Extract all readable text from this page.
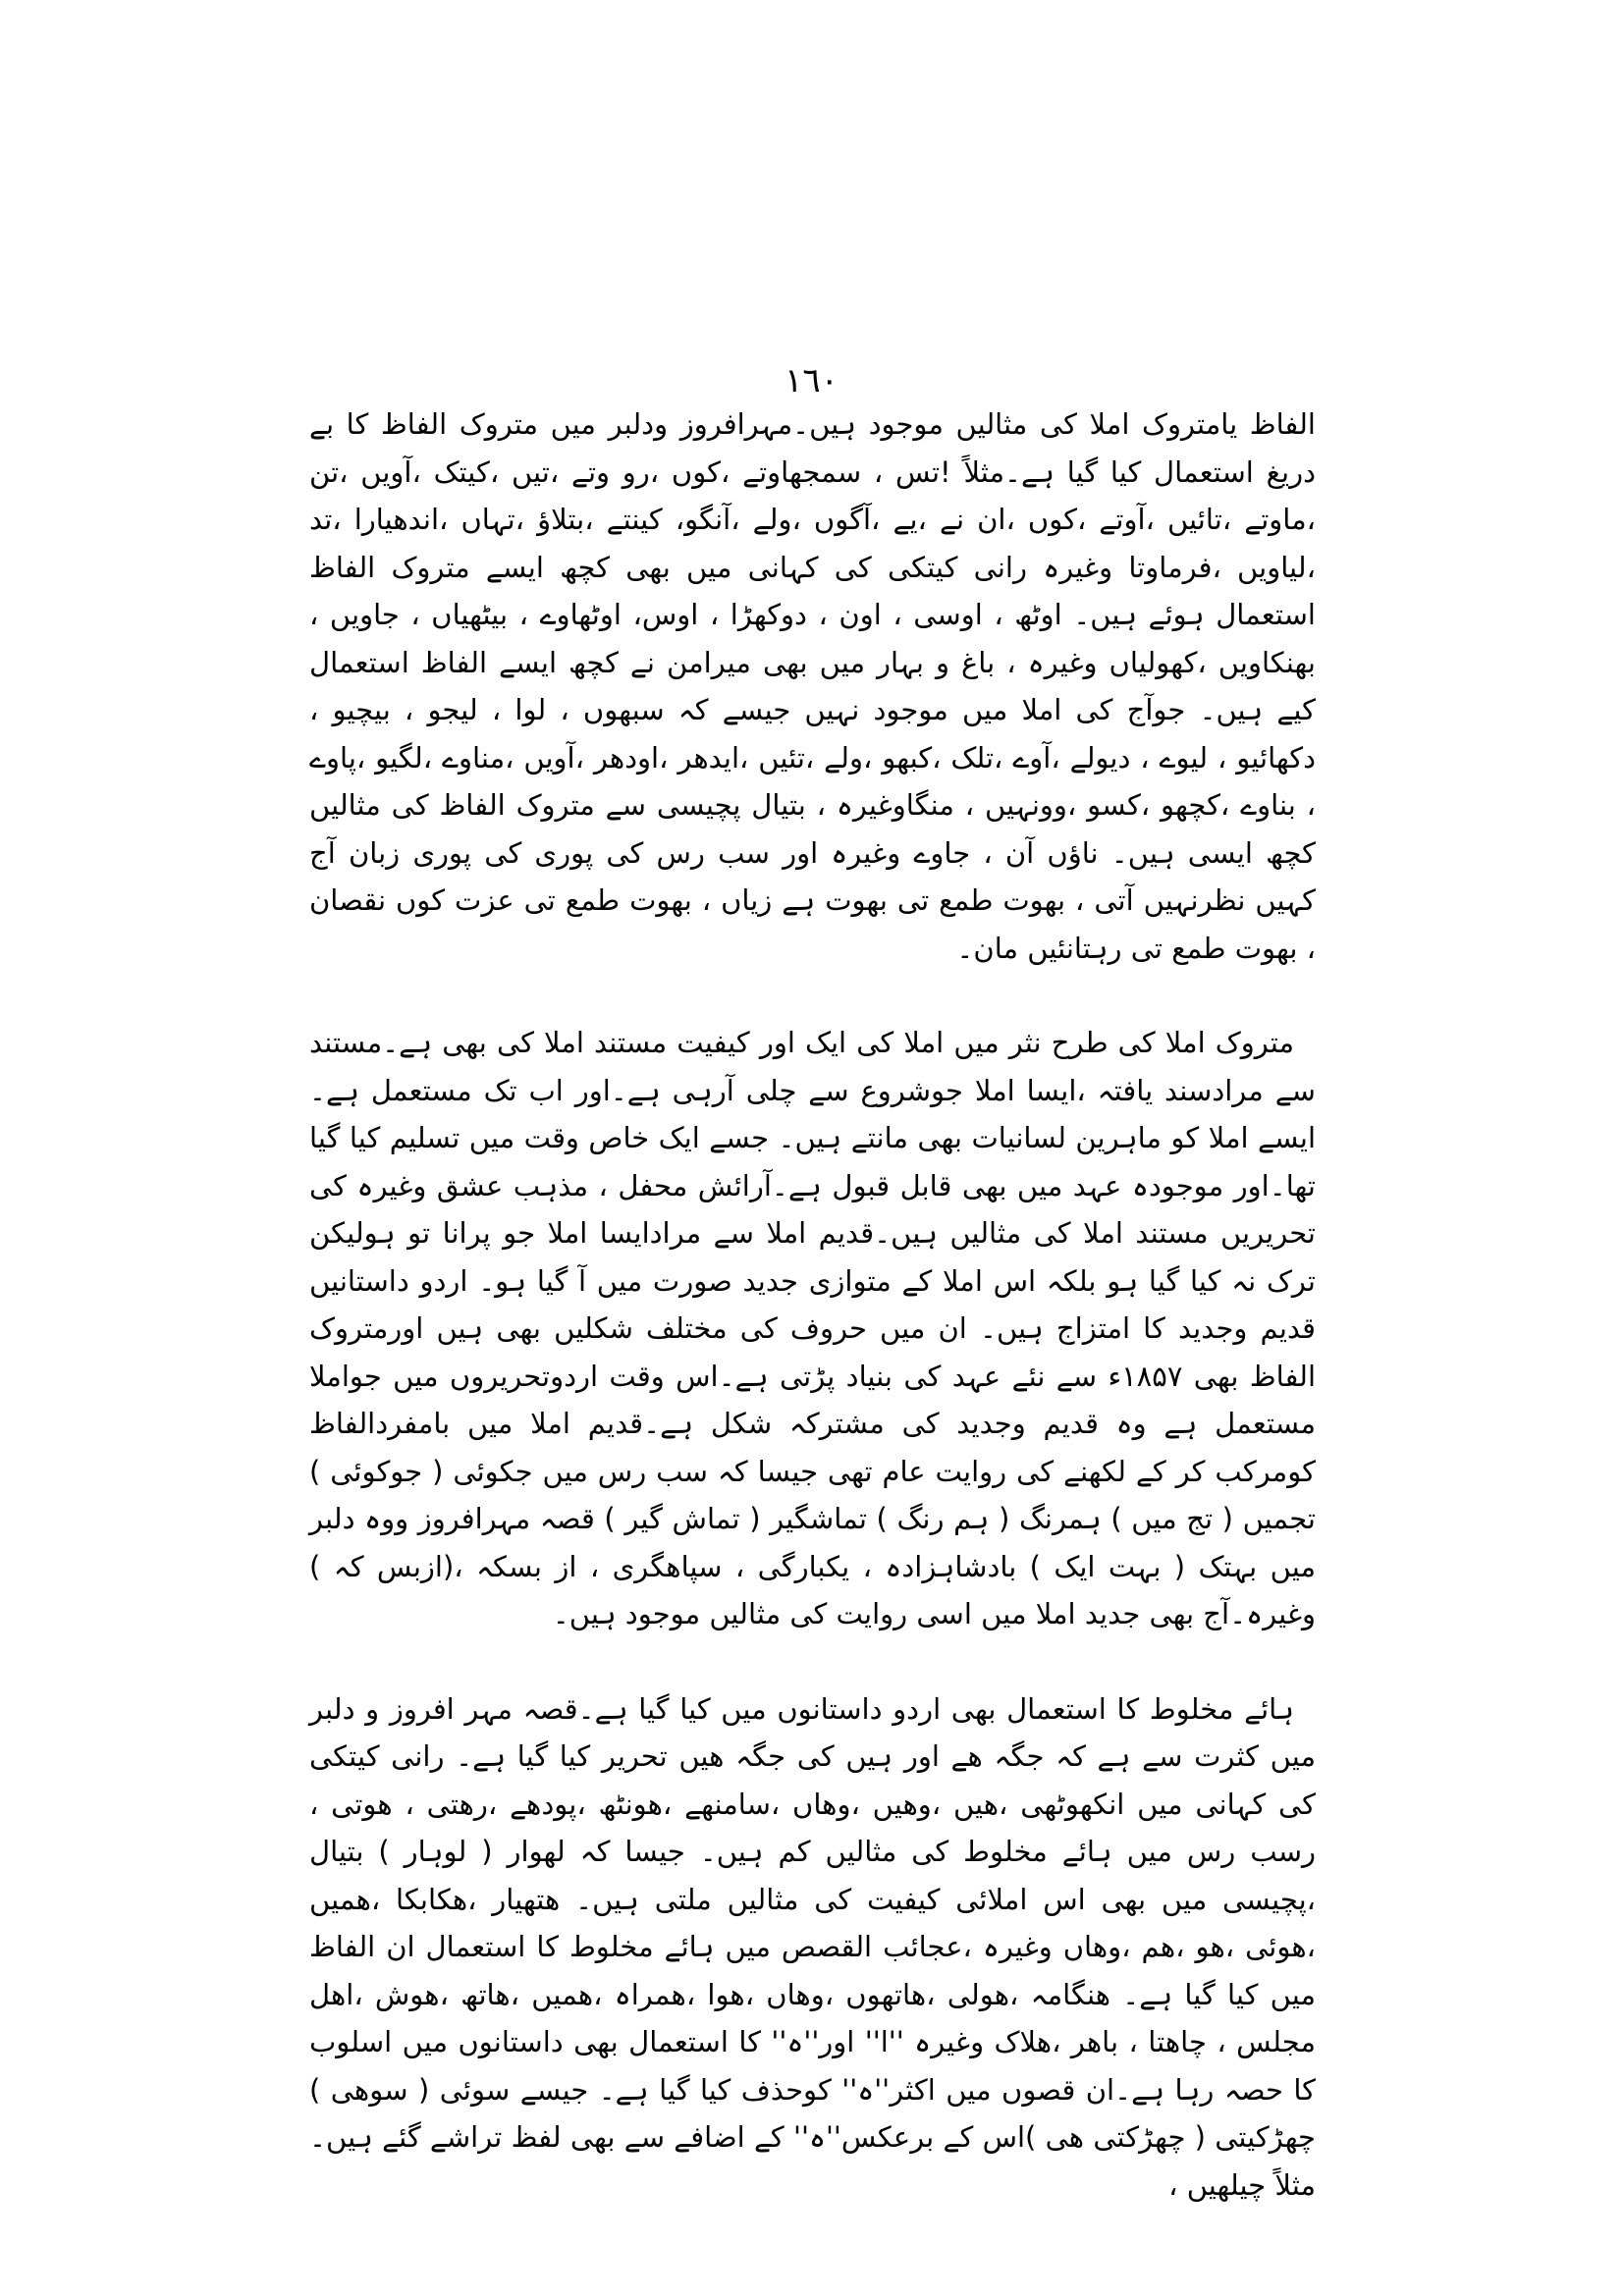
١٦٠

الفاظ یامتروک املا کی مثالیں موجود ہیں۔مہرافروز ودلبر میں متروک الفاظ کا بے دریغ استعمال کیا گیا ہے۔مثلاً !تس ، سمجھاوتے ،کوں ،رو وتے ،تیں ،کیتک ،آویں ،تن ،ماوتے ،تائیں ،آوتے ،کوں ،ان نے ،یے ،آگوں ،ولے ،آنگو، کینتے ،بتلاؤ ،تہاں ،اندھیارا ،تد ،لیاویں ،فرماوتا وغیرہ رانی کیتکی کی کہانی میں بھی کچھ ایسے متروک الفاظ استعمال ہوئے ہیں۔ اوٹھ ، اوسی ، اون ، دوکھڑا ، اوس، اوٹھاوے ، بیٹھیاں ، جاویں ، بھنکاویں ،کھولیاں وغیرہ ، باغ و بہار میں بھی میرامن نے کچھ ایسے الفاظ استعمال کیے ہیں۔ جوآج کی املا میں موجود نہیں جیسے کہ سبھوں ، لوا ، لیجو ، بیچیو ، دکھائیو ، لیوے ، دیولے ،آوے ،تلک ،کبھو ،ولے ،تئیں ،ایدھر ،اودھر ،آویں ،مناوے ،لگیو ،پاوے ، بناوے ،کچھو ،کسو ،وونہیں ، منگاوغیرہ ، بتیال پچیسی سے متروک الفاظ کی مثالیں کچھ ایسی ہیں۔ ناؤں آن ، جاوے وغیرہ اور سب رس کی پوری کی پوری زبان آج کہیں نظرنہیں آتی ، بھوت طمع تی بھوت ہے زیاں ، بھوت طمع تی عزت کوں نقصان ، بھوت طمع تی رہتانئیں مان۔

متروک املا کی طرح نثر میں املا کی ایک اور کیفیت مستند املا کی بھی ہے۔مستند سے مرادسند یافتہ ،ایسا املا جوشروع سے چلی آرہی ہے۔اور اب تک مستعمل ہے۔ایسے املا کو ماہرین لسانیات بھی مانتے ہیں۔ جسے ایک خاص وقت میں تسلیم کیا گیا تھا۔اور موجودہ عہد میں بھی قابل قبول ہے۔آرائش محفل ، مذہب عشق وغیرہ کی تحریریں مستند املا کی مثالیں ہیں۔قدیم املا سے مرادایسا املا جو پرانا تو ہولیکن ترک نہ کیا گیا ہو بلکہ اس املا کے متوازی جدید صورت میں آ گیا ہو۔ اردو داستانیں قدیم وجدید کا امتزاج ہیں۔ ان میں حروف کی مختلف شکلیں بھی ہیں اورمتروک الفاظ بھی ۱۸۵۷ء سے نئے عہد کی بنیاد پڑتی ہے۔اس وقت اردوتحریروں میں جواملا مستعمل ہے وہ قدیم وجدید کی مشترکہ شکل ہے۔قدیم املا میں بامفردالفاظ کومرکب کر کے لکھنے کی روایت عام تھی جیسا کہ سب رس میں جکوئی ( جوکوئی ) تجمیں ( تج میں ) ہمرنگ ( ہم رنگ ) تماشگیر ( تماش گیر ) قصہ مہرافروز ووہ دلبر میں بہتک ( بہت ایک ) بادشاہزادہ ، یکبارگی ، سپاھگری ، از بسکہ ،(ازبس کہ ) وغیرہ۔آج بھی جدید املا میں اسی روایت کی مثالیں موجود ہیں۔

ہائے مخلوط کا استعمال بھی اردو داستانوں میں کیا گیا ہے۔قصہ مہر افروز و دلبر میں کثرت سے ہے کہ جگہ ھے اور ہیں کی جگہ ھیں تحریر کیا گیا ہے۔ رانی کیتکی کی کہانی میں انکھوٹھی ،ھیں ،وھیں ،وھاں ،سامنھے ،ھونٹھ ،پودھے ،رھتی ، ھوتی ، رسب رس میں ہائے مخلوط کی مثالیں کم ہیں۔ جیسا کہ لھوار ( لوہار ) بتیال ،پچیسی میں بھی اس املائی کیفیت کی مثالیں ملتی ہیں۔ ھتھیار ،ھکابکا ،ھمیں ،ھوئی ،ھو ،ھم ،وھاں وغیرہ ،عجائب القصص میں ہائے مخلوط کا استعمال ان الفاظ میں کیا گیا ہے۔ ھنگامہ ،ھولی ،ھاتھوں ،وھاں ،ھوا ،ھمراہ ،ھمیں ،ھاتھ ،ھوش ،اھل مجلس ، چاھتا ، باھر ،ھلاک وغیرہ ''ا'' اور''ہ'' کا استعمال بھی داستانوں میں اسلوب کا حصہ رہا ہے۔ان قصوں میں اکثر''ہ'' کوحذف کیا گیا ہے۔ جیسے سوئی ( سوھی ) چھڑکیتی ( چھڑکتی ھی )اس کے برعکس''ہ'' کے اضافے سے بھی لفظ تراشے گئے ہیں۔مثلاً چیلھیں ،
